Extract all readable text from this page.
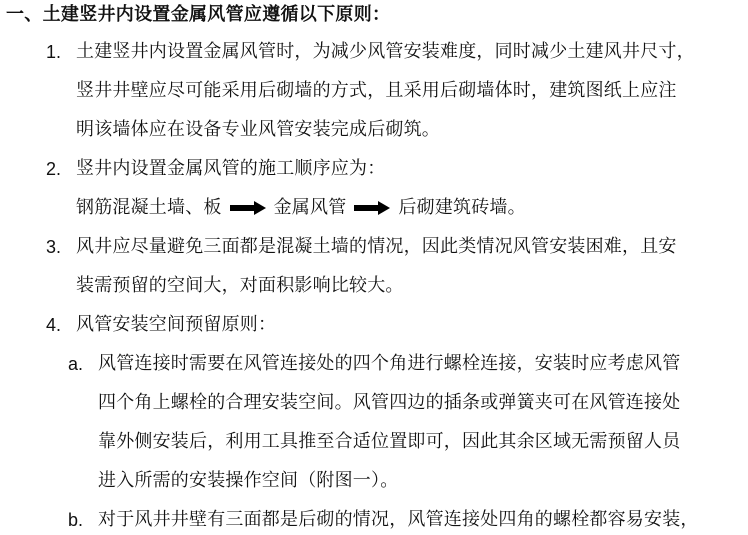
一、土建竖井内设置金属风管应遵循以下原则：
1. 土建竖井内设置金属风管时，为减少风管安装难度，同时减少土建风井尺寸，
竖井井壁应尽可能采用后砌墙的方式，且采用后砌墙体时，建筑图纸上应注
明该墙体应在设备专业风管安装完成后砌筑。
2. 竖井内设置金属风管的施工顺序应为：
钢筋混凝土墙、板	金属风管	后砌建筑砖墙。
3. 风井应尽量避免三面都是混凝土墙的情况，因此类情况风管安装困难，且安
装需预留的空间大，对面积影响比较大。
4. 风管安装空间预留原则：
a. 风管连接时需要在风管连接处的四个角进行螺栓连接，安装时应考虑风管
四个角上螺栓的合理安装空间。风管四边的插条或弹簧夹可在风管连接处
靠外侧安装后，利用工具推至合适位置即可，因此其余区域无需预留人员
进入所需的安装操作空间（附图一）。
b. 对于风井井壁有三面都是后砌的情况，风管连接处四角的螺栓都容易安装，
